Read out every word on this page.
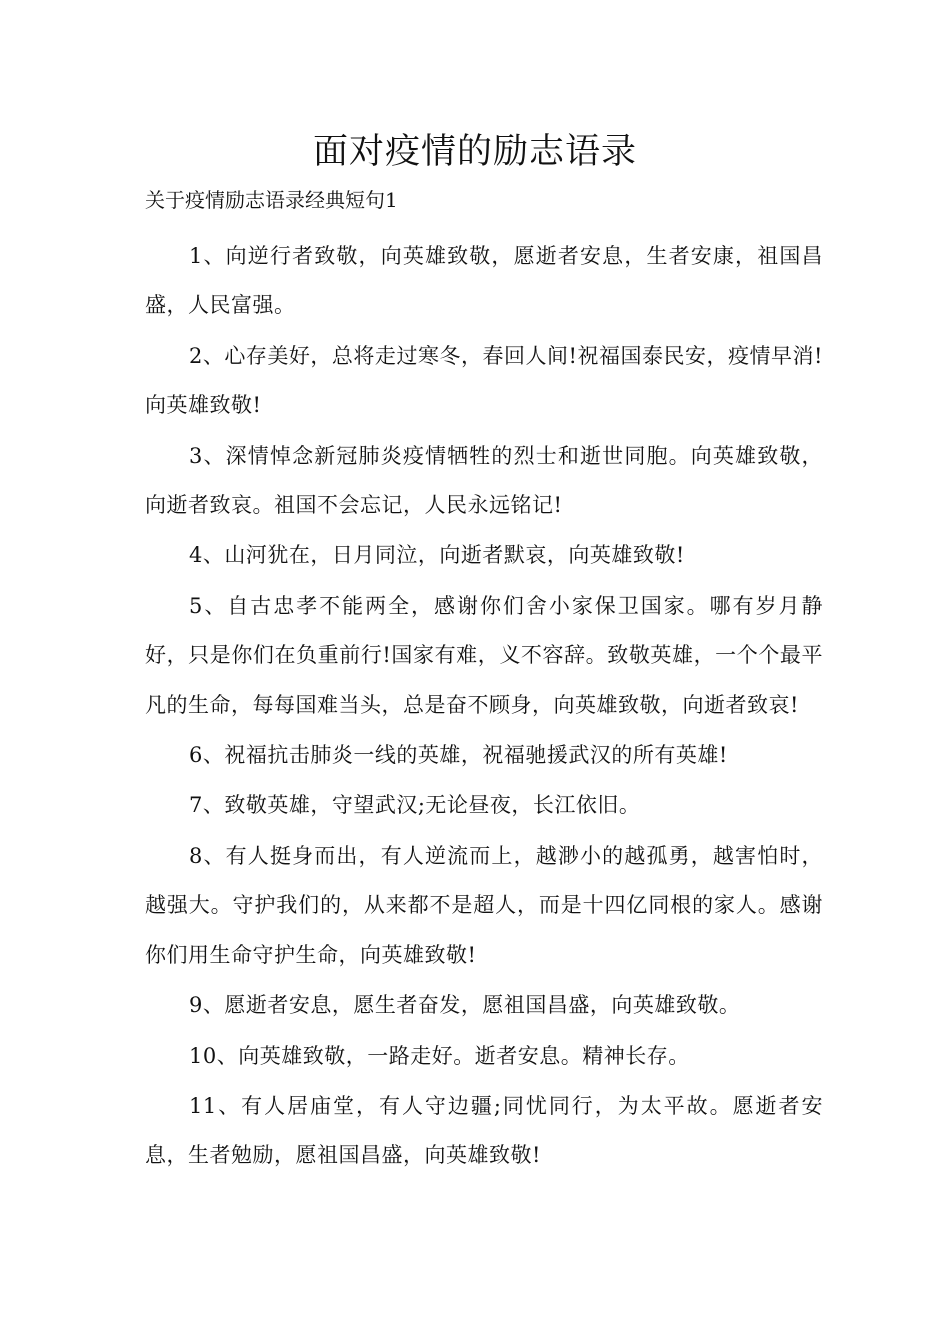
面对疫情的励志语录

关于疫情励志语录经典短句1

1、向逆行者致敬，向英雄致敬，愿逝者安息，生者安康，祖国昌盛，人民富强。

2、心存美好，总将走过寒冬，春回人间!祝福国泰民安，疫情早消!向英雄致敬!

3、深情悼念新冠肺炎疫情牺牲的烈士和逝世同胞。向英雄致敬，向逝者致哀。祖国不会忘记，人民永远铭记!

4、山河犹在，日月同泣，向逝者默哀，向英雄致敬!

5、自古忠孝不能两全，感谢你们舍小家保卫国家。哪有岁月静好，只是你们在负重前行!国家有难，义不容辞。致敬英雄，一个个最平凡的生命，每每国难当头，总是奋不顾身，向英雄致敬，向逝者致哀!

6、祝福抗击肺炎一线的英雄，祝福驰援武汉的所有英雄!

7、致敬英雄，守望武汉;无论昼夜，长江依旧。

8、有人挺身而出，有人逆流而上，越渺小的越孤勇，越害怕时，越强大。守护我们的，从来都不是超人，而是十四亿同根的家人。感谢你们用生命守护生命，向英雄致敬!

9、愿逝者安息，愿生者奋发，愿祖国昌盛，向英雄致敬。

10、向英雄致敬，一路走好。逝者安息。精神长存。

11、有人居庙堂，有人守边疆;同忧同行，为太平故。愿逝者安息，生者勉励，愿祖国昌盛，向英雄致敬!
